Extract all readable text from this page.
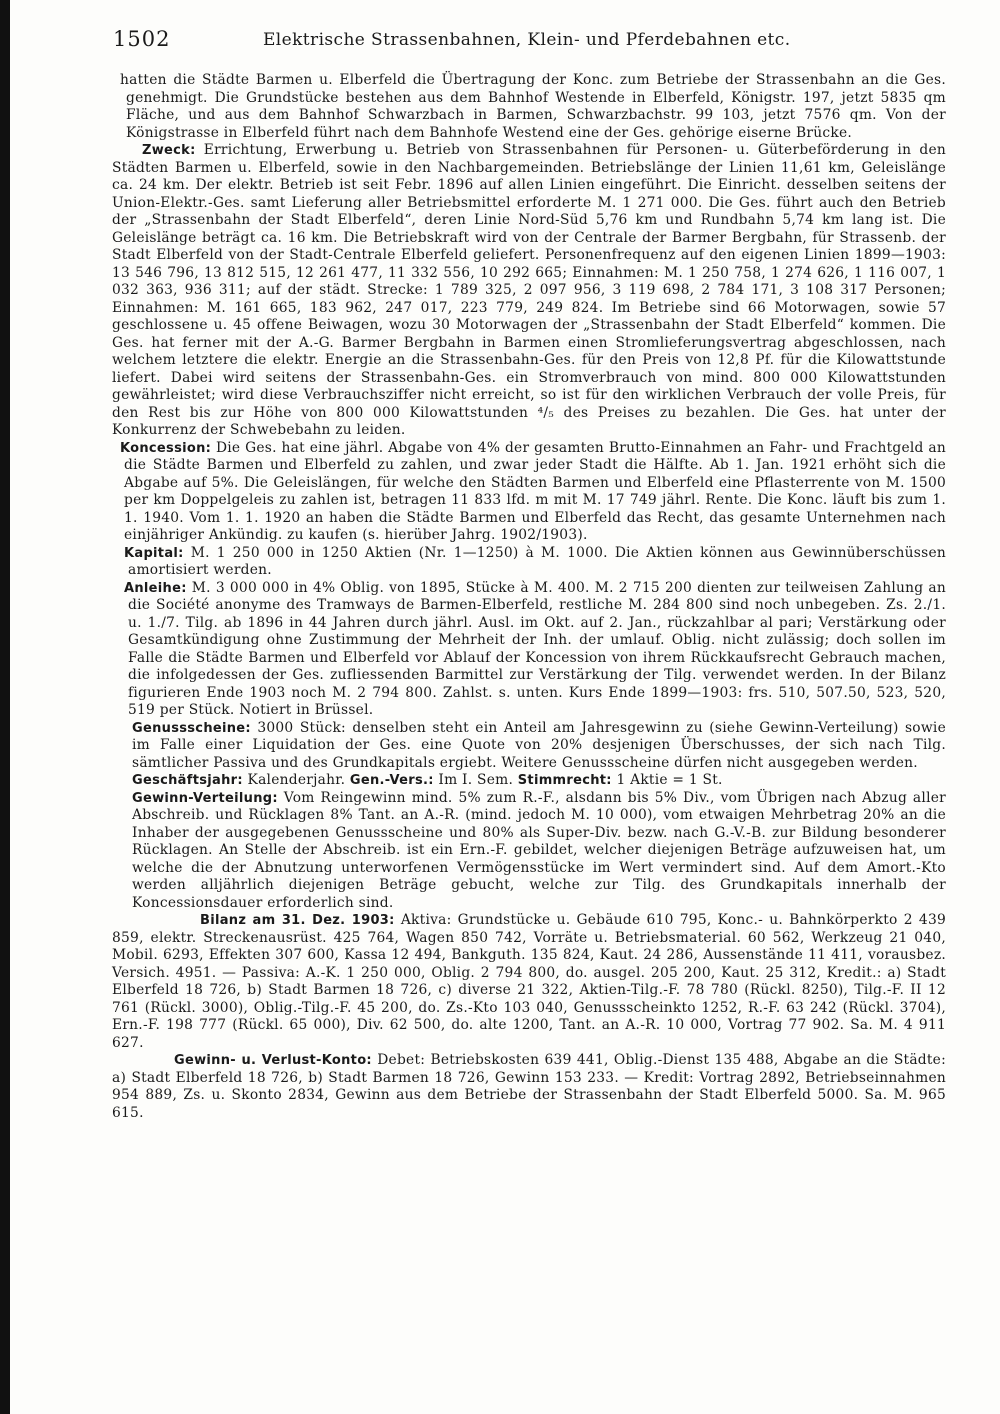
1502	Elektrische Strassenbahnen, Klein- und Pferdebahnen etc.

hatten die Städte Barmen u. Elberfeld die Übertragung der Konc. zum Betriebe der Strassenbahn an die Ges. genehmigt. Die Grundstücke bestehen aus dem Bahnhof Westende in Elberfeld, Königstr. 197, jetzt 5835 qm Fläche, und aus dem Bahnhof Schwarzbach in Barmen, Schwarzbachstr. 99 103, jetzt 7576 qm. Von der Königstrasse in Elberfeld führt nach dem Bahnhofe Westend eine der Ges. gehörige eiserne Brücke.

Zweck: Errichtung, Erwerbung u. Betrieb von Strassenbahnen für Personen- u. Güterbeförderung in den Städten Barmen u. Elberfeld, sowie in den Nachbargemeinden. Betriebslänge der Linien 11,61 km, Geleislänge ca. 24 km. Der elektr. Betrieb ist seit Febr. 1896 auf allen Linien eingeführt. Die Einricht. desselben seitens der Union-Elektr.-Ges. samt Lieferung aller Betriebsmittel erforderte M. 1 271 000. Die Ges. führt auch den Betrieb der „Strassenbahn der Stadt Elberfeld“, deren Linie Nord-Süd 5,76 km und Rundbahn 5,74 km lang ist. Die Geleislänge beträgt ca. 16 km. Die Betriebskraft wird von der Centrale der Barmer Bergbahn, für Strassenb. der Stadt Elberfeld von der Stadt-Centrale Elberfeld geliefert. Personenfrequenz auf den eigenen Linien 1899—1903: 13 546 796, 13 812 515, 12 261 477, 11 332 556, 10 292 665; Einnahmen: M. 1 250 758, 1 274 626, 1 116 007, 1 032 363, 936 311; auf der städt. Strecke: 1 789 325, 2 097 956, 3 119 698, 2 784 171, 3 108 317 Personen; Einnahmen: M. 161 665, 183 962, 247 017, 223 779, 249 824. Im Betriebe sind 66 Motorwagen, sowie 57 geschlossene u. 45 offene Beiwagen, wozu 30 Motorwagen der „Strassenbahn der Stadt Elberfeld“ kommen. Die Ges. hat ferner mit der A.-G. Barmer Bergbahn in Barmen einen Stromlieferungsvertrag abgeschlossen, nach welchem letztere die elektr. Energie an die Strassenbahn-Ges. für den Preis von 12,8 Pf. für die Kilowattstunde liefert. Dabei wird seitens der Strassenbahn-Ges. ein Stromverbrauch von mind. 800 000 Kilowattstunden gewährleistet; wird diese Verbrauchsziffer nicht erreicht, so ist für den wirklichen Verbrauch der volle Preis, für den Rest bis zur Höhe von 800 000 Kilowattstunden ⁴/₅ des Preises zu bezahlen. Die Ges. hat unter der Konkurrenz der Schwebebahn zu leiden.

Koncession: Die Ges. hat eine jährl. Abgabe von 4% der gesamten Brutto-Einnahmen an Fahr- und Frachtgeld an die Städte Barmen und Elberfeld zu zahlen, und zwar jeder Stadt die Hälfte. Ab 1. Jan. 1921 erhöht sich die Abgabe auf 5%. Die Geleislängen, für welche den Städten Barmen und Elberfeld eine Pflasterrente von M. 1500 per km Doppelgeleis zu zahlen ist, betragen 11 833 lfd. m mit M. 17 749 jährl. Rente. Die Konc. läuft bis zum 1. 1. 1940. Vom 1. 1. 1920 an haben die Städte Barmen und Elberfeld das Recht, das gesamte Unternehmen nach einjähriger Ankündig. zu kaufen (s. hierüber Jahrg. 1902/1903).

Kapital: M. 1 250 000 in 1250 Aktien (Nr. 1—1250) à M. 1000. Die Aktien können aus Gewinnüberschüssen amortisiert werden.

Anleihe: M. 3 000 000 in 4% Oblig. von 1895, Stücke à M. 400. M. 2 715 200 dienten zur teilweisen Zahlung an die Société anonyme des Tramways de Barmen-Elberfeld, restliche M. 284 800 sind noch unbegeben. Zs. 2./1. u. 1./7. Tilg. ab 1896 in 44 Jahren durch jährl. Ausl. im Okt. auf 2. Jan., rückzahlbar al pari; Verstärkung oder Gesamtkündigung ohne Zustimmung der Mehrheit der Inh. der umlauf. Oblig. nicht zulässig; doch sollen im Falle die Städte Barmen und Elberfeld vor Ablauf der Koncession von ihrem Rückkaufsrecht Gebrauch machen, die infolgedessen der Ges. zufliessenden Barmittel zur Verstärkung der Tilg. verwendet werden. In der Bilanz figurieren Ende 1903 noch M. 2 794 800. Zahlst. s. unten. Kurs Ende 1899—1903: frs. 510, 507.50, 523, 520, 519 per Stück. Notiert in Brüssel.

Genussscheine: 3000 Stück: denselben steht ein Anteil am Jahresgewinn zu (siehe Gewinn-Verteilung) sowie im Falle einer Liquidation der Ges. eine Quote von 20% desjenigen Überschusses, der sich nach Tilg. sämtlicher Passiva und des Grundkapitals ergiebt. Weitere Genussscheine dürfen nicht ausgegeben werden.

Geschäftsjahr: Kalenderjahr. Gen.-Vers.: Im I. Sem. Stimmrecht: 1 Aktie = 1 St.

Gewinn-Verteilung: Vom Reingewinn mind. 5% zum R.-F., alsdann bis 5% Div., vom Übrigen nach Abzug aller Abschreib. und Rücklagen 8% Tant. an A.-R. (mind. jedoch M. 10 000), vom etwaigen Mehrbetrag 20% an die Inhaber der ausgegebenen Genussscheine und 80% als Super-Div. bezw. nach G.-V.-B. zur Bildung besonderer Rücklagen. An Stelle der Abschreib. ist ein Ern.-F. gebildet, welcher diejenigen Beträge aufzuweisen hat, um welche die der Abnutzung unterworfenen Vermögensstücke im Wert vermindert sind. Auf dem Amort.-Kto werden alljährlich diejenigen Beträge gebucht, welche zur Tilg. des Grundkapitals innerhalb der Koncessionsdauer erforderlich sind.

Bilanz am 31. Dez. 1903: Aktiva: Grundstücke u. Gebäude 610 795, Konc.- u. Bahnkörperkto 2 439 859, elektr. Streckenausrüst. 425 764, Wagen 850 742, Vorräte u. Betriebsmaterial. 60 562, Werkzeug 21 040, Mobil. 6293, Effekten 307 600, Kassa 12 494, Bankguth. 135 824, Kaut. 24 286, Aussenstände 11 411, vorausbez. Versich. 4951. — Passiva: A.-K. 1 250 000, Oblig. 2 794 800, do. ausgel. 205 200, Kaut. 25 312, Kredit.: a) Stadt Elberfeld 18 726, b) Stadt Barmen 18 726, c) diverse 21 322, Aktien-Tilg.-F. 78 780 (Rückl. 8250), Tilg.-F. II 12 761 (Rückl. 3000), Oblig.-Tilg.-F. 45 200, do. Zs.-Kto 103 040, Genussscheinkto 1252, R.-F. 63 242 (Rückl. 3704), Ern.-F. 198 777 (Rückl. 65 000), Div. 62 500, do. alte 1200, Tant. an A.-R. 10 000, Vortrag 77 902. Sa. M. 4 911 627.

Gewinn- u. Verlust-Konto: Debet: Betriebskosten 639 441, Oblig.-Dienst 135 488, Abgabe an die Städte: a) Stadt Elberfeld 18 726, b) Stadt Barmen 18 726, Gewinn 153 233. — Kredit: Vortrag 2892, Betriebseinnahmen 954 889, Zs. u. Skonto 2834, Gewinn aus dem Betriebe der Strassenbahn der Stadt Elberfeld 5000. Sa. M. 965 615.
